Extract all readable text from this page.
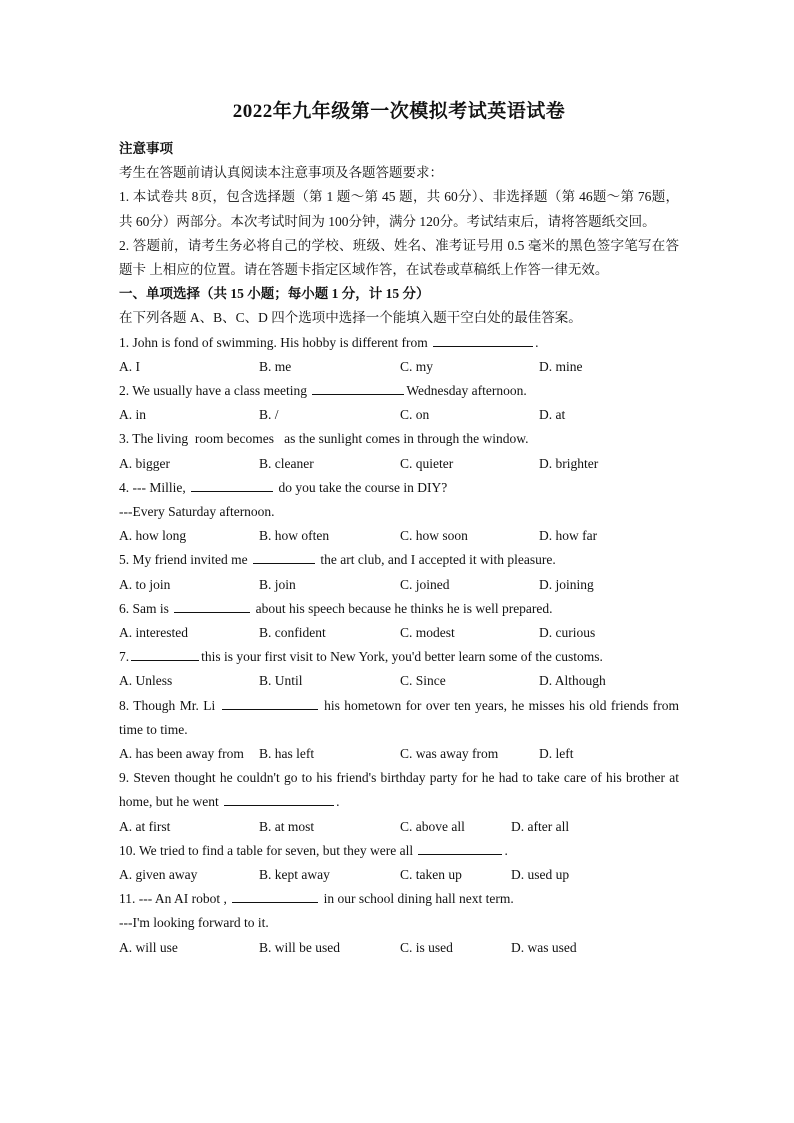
2022年九年级第一次模拟考试英语试卷
注意事项
考生在答题前请认真阅读本注意事项及各题答题要求：
1. 本试卷共 8页，包含选择题（第 1 题～第 45 题，共 60分）、非选择题（第 46题～第 76题，共 60分）两部分。本次考试时间为 100分钟，满分 120分。考试结束后，请将答题纸交回。
2. 答题前，请考生务必将自己的学校、班级、姓名、准考证号用 0.5 毫米的黑色签字笔写在答题卡 上相应的位置。请在答题卡指定区域作答，在试卷或草稿纸上作答一律无效。
一、单项选择（共 15 小题；每小题 1 分，计 15 分）
在下列各题 A、B、C、D 四个选项中选择一个能填入题干空白处的最佳答案。
1. John is fond of swimming. His hobby is different from	.
A. I	B. me	C. my	D. mine
2. We usually have a class meeting	Wednesday afternoon.
A. in	B. /	C. on	D. at
3. The living  room becomes   as the sunlight comes in through the window.
A. bigger	B. cleaner	C. quieter	D. brighter
4. --- Millie,	do you take the course in DIY?
---Every Saturday afternoon.
A. how long	B. how often	C. how soon	D. how far
5. My friend invited me	the art club, and I accepted it with pleasure.
A. to join	B. join	C. joined	D. joining
6. Sam is	about his speech because he thinks he is well prepared.
A. interested	B. confident	C. modest	D. curious
7.	this is your first visit to New York, you'd better learn some of the customs.
A. Unless	B. Until	C. Since	D. Although
8. Though Mr. Li	his hometown for over ten years, he misses his old friends from time to time.
A. has been away from B. has left	C. was away from	D. left
9. Steven thought he couldn't go to his friend's birthday party for he had to take care of his brother at home, but he went	.
A. at first	B. at most	C. above all	D. after all
10. We tried to find a table for seven, but they were all	.
A. given away	B. kept away	C. taken up	D. used up
11. --- An AI robot ,	in our school dining hall next term.
---I'm looking forward to it.
A. will use	B. will be used	C. is used	D. was used
